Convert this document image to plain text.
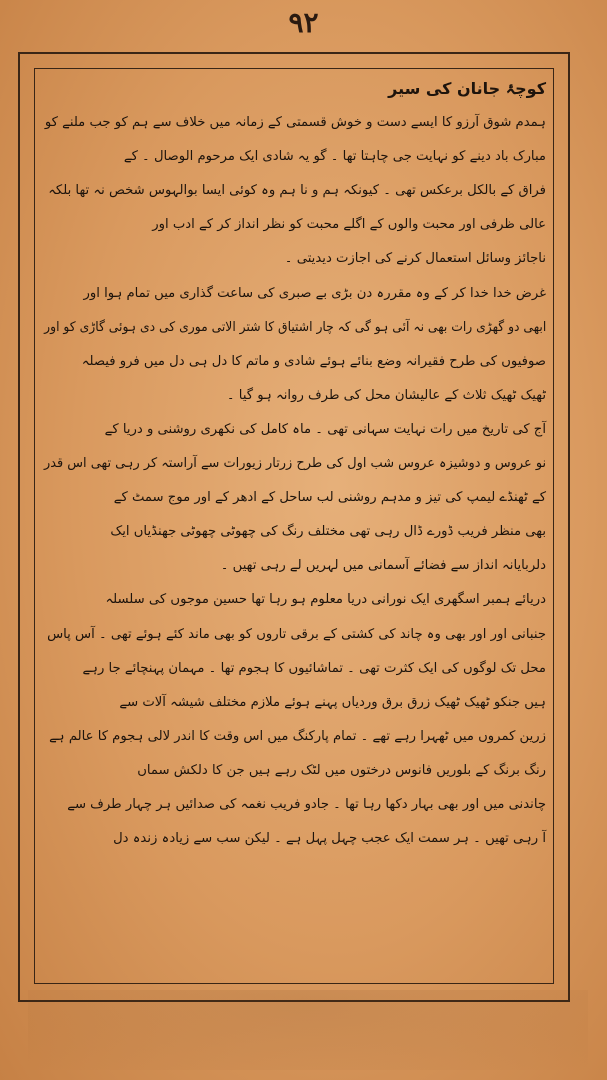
۹۲
کوچۂ جانان کی سیر
ہمدم شوق آرزو کا ایسے دست و خوش قسمتی کے زمانہ میں خلاف سے ہم کو جب ملنے کو
مبارک باد دینے کو نہایت جی چاہتا تھا ۔ گو یہ شادی ایک مرحوم الوصال ۔ کے
فراق کے بالکل برعکس تھی ۔ کیونکہ ہم و نا ہم وہ کوئی ایسا بوالہوس شخص نہ تھا بلکہ
عالی ظرفی اور محبت والوں کے اگلے محبت کو نظر انداز کر کے ادب اور
ناجائز وسائل استعمال کرنے کی اجازت دیدیتی ۔
غرض خدا خدا کر کے وہ مقررہ دن بڑی بے صبری کی ساعت گذاری میں تمام ہوا اور
ابھی دو گھڑی رات بھی نہ آئی ہو گی کہ چار اشتیاق کا شتر الاتی موری کی دی ہوئی گاڑی کو اور
صوفیوں کی طرح فقیرانہ وضع بنائے ہوئے شادی و ماتم کا دل ہی دل میں فرو فیصلہ
ٹھیک ٹھیک ثلاث کے عالیشان محل کی طرف روانہ ہو گیا ۔
آج کی تاریخ میں رات نہایت سہانی تھی ۔ ماہ کامل کی نکھری روشنی و دریا کے
نو عروس و دوشیزہ عروس شب اول کی طرح زرتار زیورات سے آراستہ کر رہی تھی اس قدر
کے ٹھنڈے لیمپ کی تیز و مدہم روشنی لب ساحل کے ادھر کے اور موج سمٹ کے
بھی منظر فریب ڈورے ڈال رہی تھی مختلف رنگ کی چھوٹی چھوٹی جھنڈیاں ایک
دلربایانہ انداز سے فضائے آسمانی میں لہریں لے رہی تھیں ۔
دریائے ہمبر اسگھری ایک نورانی دریا معلوم ہو رہا تھا حسین موجوں کی سلسلہ
جنبانی اور اور بھی وہ چاند کی کشتی کے برقی تاروں کو بھی ماند کئے ہوئے تھی ۔ آس پاس
محل تک لوگوں کی ایک کثرت تھی ۔ تماشائیوں کا ہجوم تھا ۔ مہمان پہنچائے جا رہے
ہیں جنکو ٹھیک ٹھیک زرق برق وردیاں پہنے ہوئے ملازم مختلف شیشہ آلات سے
زرین کمروں میں ٹھہرا رہے تھے ۔ تمام پارکنگ میں اس وقت کا اندر لالی ہجوم کا عالم ہے
رنگ برنگ کے بلوریں فانوس درختوں میں لٹک رہے ہیں جن کا دلکش سماں
چاندنی میں اور بھی بہار دکھا رہا تھا ۔ جادو فریب نغمہ کی صدائیں ہر چہار طرف سے
آ رہی تھیں ۔ ہر سمت ایک عجب چہل پہل ہے ۔ لیکن سب سے زیادہ زندہ دل
